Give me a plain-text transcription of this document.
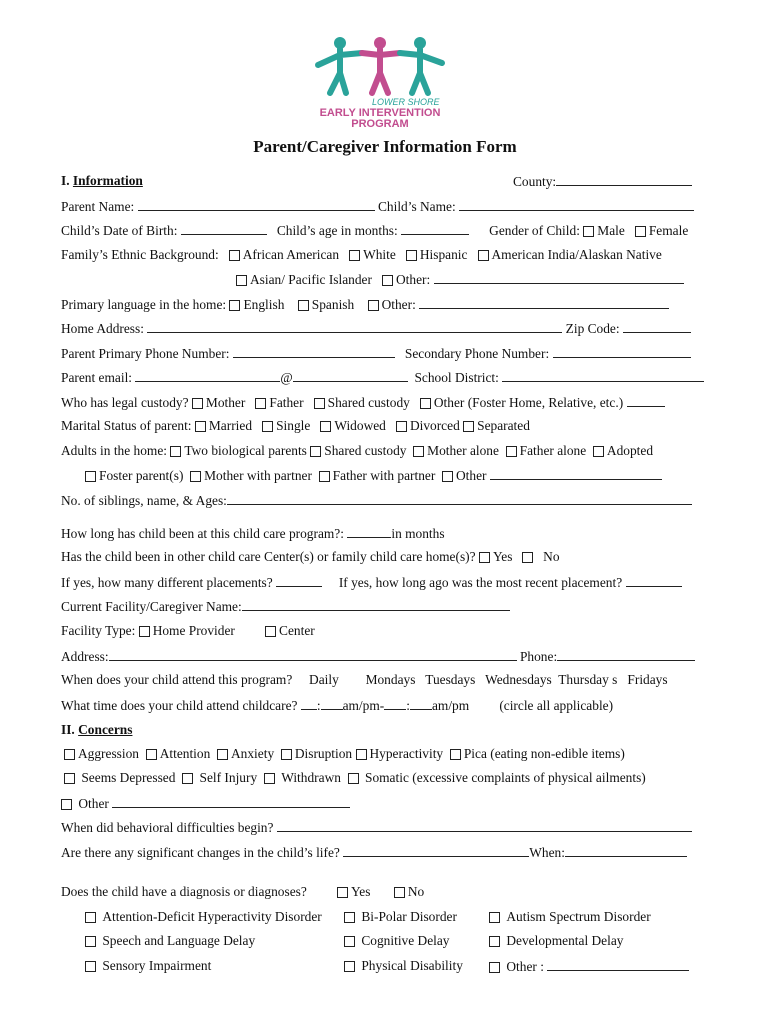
LOWER SHORE
EARLY INTERVENTION
PROGRAM
Parent/Caregiver Information Form
I. Information	County:
Parent Name:	Child’s Name:
Child’s Date of Birth:	Child’s age in months:	Gender of Child: Male Female
Family’s Ethnic Background: African American White Hispanic American India/Alaskan Native
Asian/ Pacific Islander Other:
Primary language in the home: English Spanish Other:
Home Address:	Zip Code:
Parent Primary Phone Number:	Secondary Phone Number:
Parent email:	@	School District:
Who has legal custody? Mother Father Shared custody Other (Foster Home, Relative, etc.)
Marital Status of parent: Married Single Widowed Divorced Separated
Adults in the home: Two biological parents Shared custody Mother alone Father alone Adopted
Foster parent(s) Mother with partner Father with partner Other
No. of siblings, name, & Ages:
How long has child been at this child care program?:	in months
Has the child been in other child care Center(s) or family child care home(s)? Yes No
If yes, how many different placements?	If yes, how long ago was the most recent placement?
Current Facility/Caregiver Name:
Facility Type: Home Provider	Center
Address:	Phone:
When does your child attend this program? Daily Mondays Tuesdays Wednesdays Thursday s Fridays
What time does your child attend childcare? : am/pm- : am/pm (circle all applicable)
II. Concerns
Aggression Attention Anxiety Disruption Hyperactivity Pica (eating non-edible items)
Seems Depressed Self Injury Withdrawn Somatic (excessive complaints of physical ailments)
Other
When did behavioral difficulties begin?
Are there any significant changes in the child’s life?	When:
Does the child have a diagnosis or diagnoses?	Yes	No
Attention-Deficit Hyperactivity Disorder	Bi-Polar Disorder	Autism Spectrum Disorder
Speech and Language Delay	Cognitive Delay	Developmental Delay
Sensory Impairment	Physical Disability	Other :
